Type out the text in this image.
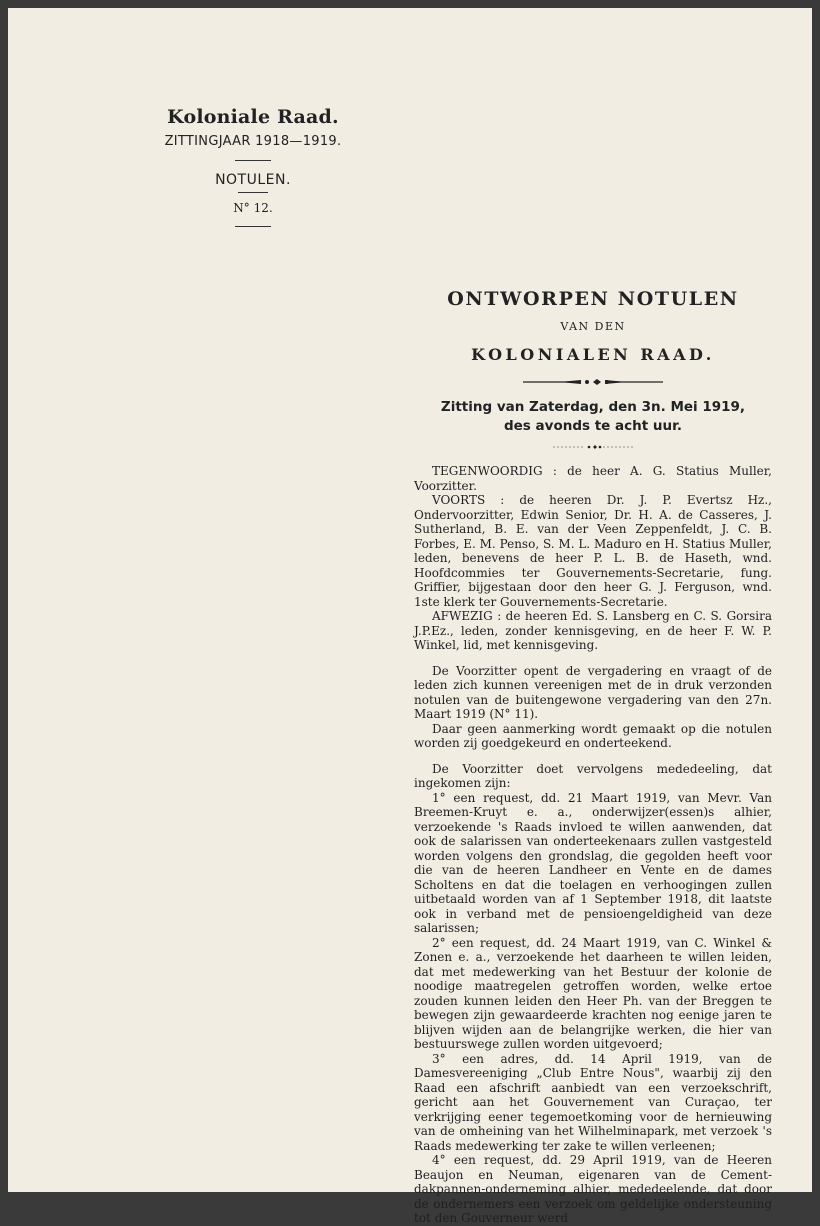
Koloniale Raad.
ZITTINGJAAR 1918—1919.
NOTULEN.
N° 12.
ONTWORPEN NOTULEN
VAN DEN
KOLONIALEN RAAD.
Zitting van Zaterdag, den 3n. Mei 1919,
des avonds te acht uur.

TEGENWOORDIG : de heer A. G. Statius Muller, Voorzitter.

VOORTS : de heeren Dr. J. P. Evertsz Hz., Ondervoorzitter, Edwin Senior, Dr. H. A. de Casseres, J. Sutherland, B. E. van der Veen Zeppenfeldt, J. C. B. Forbes, E. M. Penso, S. M. L. Maduro en H. Statius Muller, leden, benevens de heer P. L. B. de Haseth, wnd. Hoofdcommies ter Gouvernements-Secretarie, fung. Griffier, bijgestaan door den heer G. J. Ferguson, wnd. 1ste klerk ter Gouvernements-Secretarie.

AFWEZIG : de heeren Ed. S. Lansberg en C. S. Gorsira J.P.Ez., leden, zonder kennisgeving, en de heer F. W. P. Winkel, lid, met kennisgeving.

De Voorzitter opent de vergadering en vraagt of de leden zich kunnen vereenigen met de in druk verzonden notulen van de buitengewone vergadering van den 27n. Maart 1919 (N° 11).

Daar geen aanmerking wordt gemaakt op die notulen worden zij goedgekeurd en onderteekend.

De Voorzitter doet vervolgens mededeeling, dat ingekomen zijn:

1° een request, dd. 21 Maart 1919, van Mevr. Van Breemen-Kruyt e. a., onderwijzer(essen)s alhier, verzoekende 's Raads invloed te willen aanwenden, dat ook de salarissen van onderteekenaars zullen vastgesteld worden volgens den grondslag, die gegolden heeft voor die van de heeren Landheer en Vente en de dames Scholtens en dat die toelagen en verhoogingen zullen uitbetaald worden van af 1 September 1918, dit laatste ook in verband met de pensioengeldigheid van deze salarissen;

2° een request, dd. 24 Maart 1919, van C. Winkel & Zonen e. a., verzoekende het daarheen te willen leiden, dat met medewerking van het Bestuur der kolonie de noodige maatregelen getroffen worden, welke ertoe zouden kunnen leiden den Heer Ph. van der Breggen te bewegen zijn gewaardeerde krachten nog eenige jaren te blijven wijden aan de belangrijke werken, die hier van bestuurswege zullen worden uitgevoerd;

3° een adres, dd. 14 April 1919, van de Damesvereeniging „Club Entre Nous", waarbij zij den Raad een afschrift aanbiedt van een verzoekschrift, gericht aan het Gouvernement van Curaçao, ter verkrijging eener tegemoetkoming voor de hernieuwing van de omheining van het Wilhelminapark, met verzoek 's Raads medewerking ter zake te willen verleenen;

4° een request, dd. 29 April 1919, van de Heeren Beaujon en Neuman, eigenaren van de Cement-dakpannen-onderneming alhier, mededeelende, dat door de ondernemers een verzoek om geldelijke ondersteuning tot den Gouverneur werd
